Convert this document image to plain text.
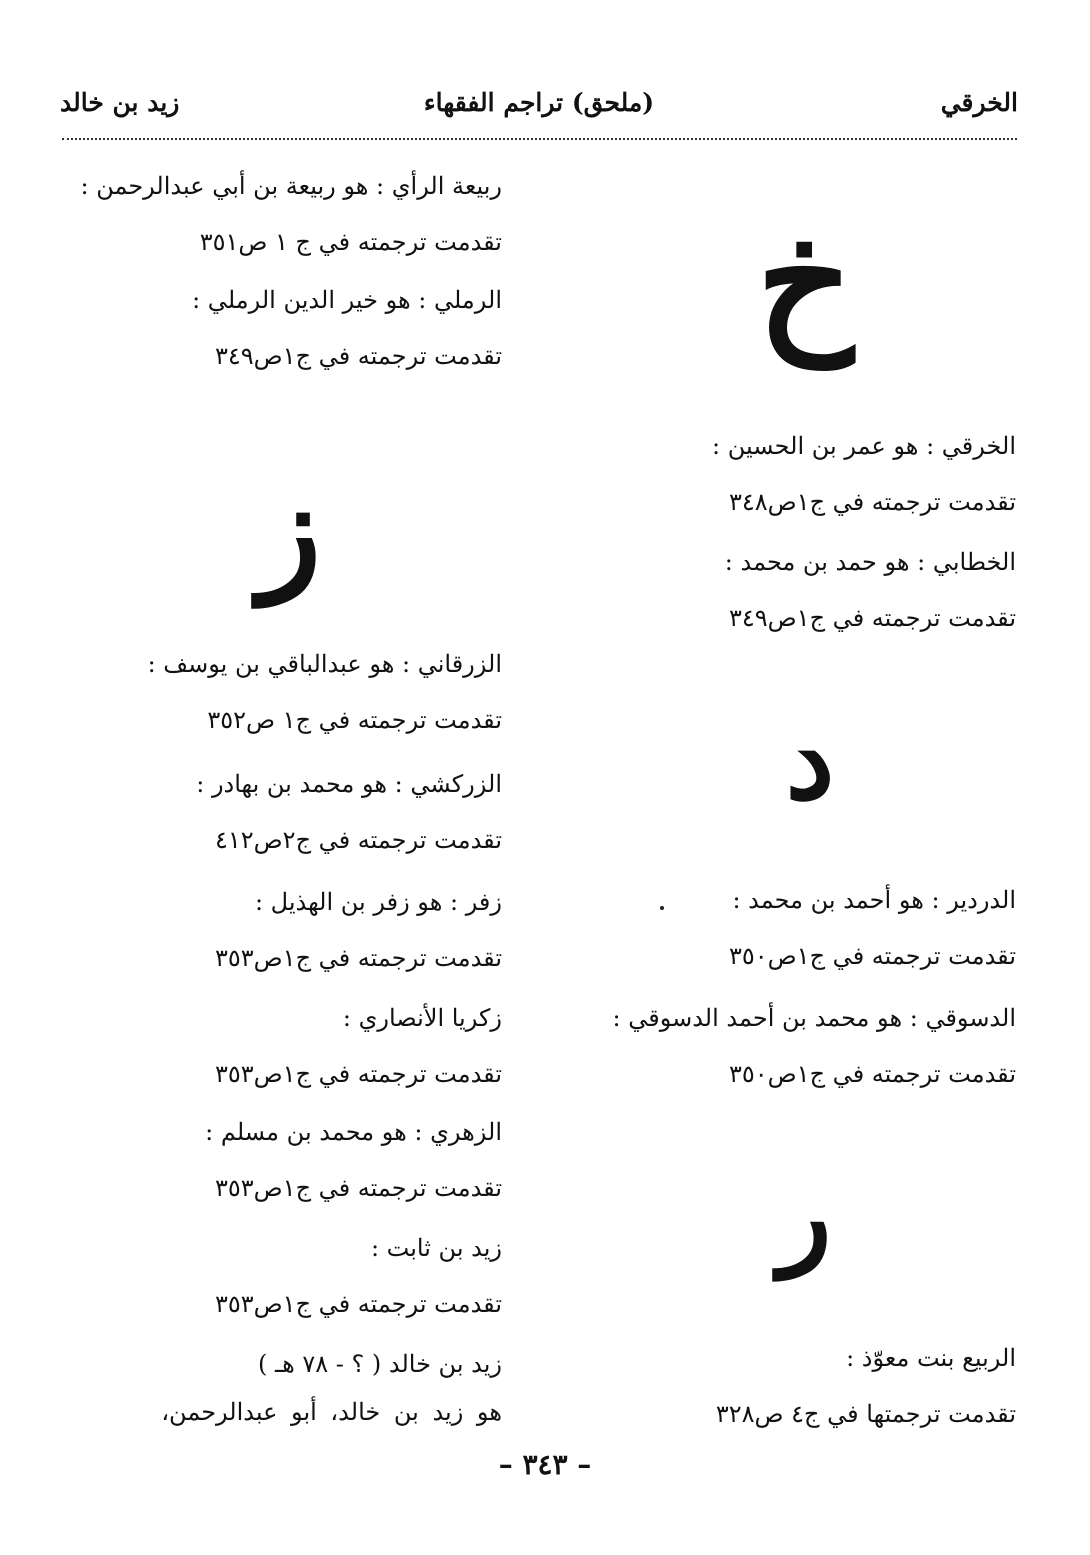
الخرقي
(ملحق) تراجم الفقهاء
زيد بن خالد
خ
الخرقي : هو عمر بن الحسين :
تقدمت ترجمته في ج١ص٣٤٨
الخطابي : هو حمد بن محمد :
تقدمت ترجمته في ج١ص٣٤٩
د
الدردير : هو أحمد بن محمد :
تقدمت ترجمته في ج١ص٣٥٠
الدسوقي : هو محمد بن أحمد الدسوقي :
تقدمت ترجمته في ج١ص٣٥٠
ر
الربيع بنت معوّذ :
تقدمت ترجمتها في ج٤ ص٣٢٨
ربيعة الرأي : هو ربيعة بن أبي عبدالرحمن :
تقدمت ترجمته في ج ١ ص٣٥١
الرملي : هو خير الدين الرملي :
تقدمت ترجمته في ج١ص٣٤٩
ز
الزرقاني : هو عبدالباقي بن يوسف :
تقدمت ترجمته في ج١ ص٣٥٢
الزركشي : هو محمد بن بهادر :
تقدمت ترجمته في ج٢ص٤١٢
زفر : هو زفر بن الهذيل :
تقدمت ترجمته في ج١ص٣٥٣
زكريا الأنصاري :
تقدمت ترجمته في ج١ص٣٥٣
الزهري : هو محمد بن مسلم :
تقدمت ترجمته في ج١ص٣٥٣
زيد بن ثابت :
تقدمت ترجمته في ج١ص٣٥٣
زيد بن خالد ( ؟ - ٧٨ هـ )
هو زيد بن خالد، أبو عبدالرحمن،
– ٣٤٣ –
